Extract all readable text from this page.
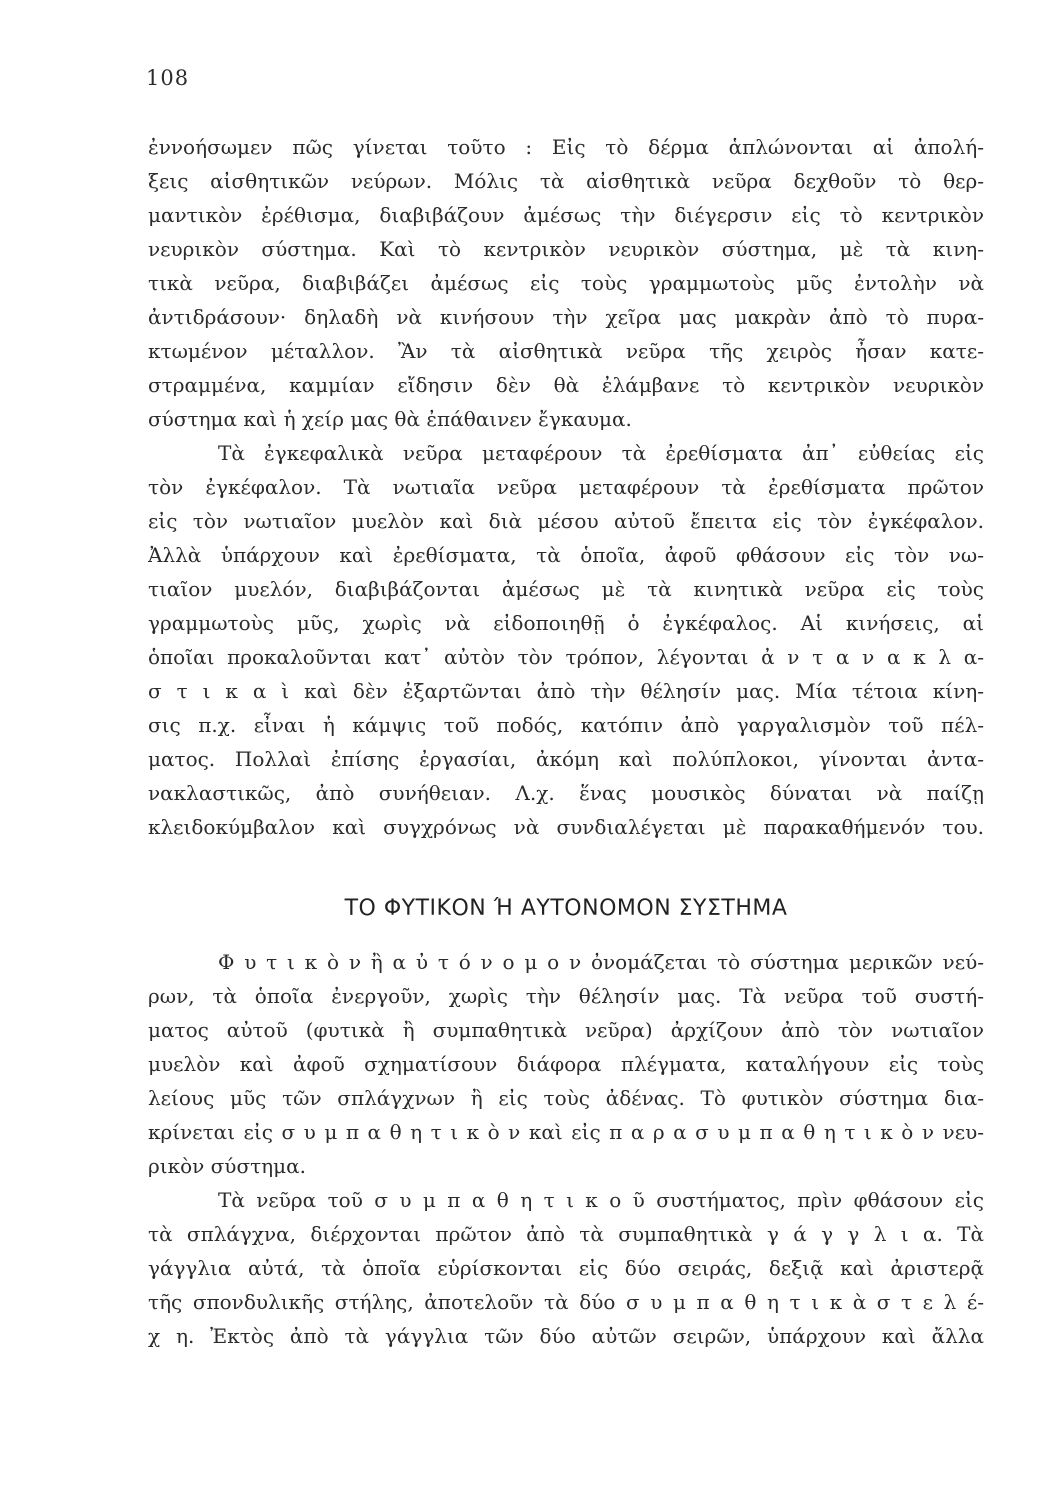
108
ἐννοήσωμεν πῶς γίνεται τοῦτο : Εἰς τὸ δέρμα ἁπλώνονται αἱ ἀπολή-
ξεις αἰσθητικῶν νεύρων. Μόλις τὰ αἰσθητικὰ νεῦρα δεχθοῦν τὸ θερ-
μαντικὸν ἐρέθισμα, διαβιβάζουν ἀμέσως τὴν διέγερσιν εἰς τὸ κεντρικὸν
νευρικὸν σύστημα. Καὶ τὸ κεντρικὸν νευρικὸν σύστημα, μὲ τὰ κινη-
τικὰ νεῦρα, διαβιβάζει ἀμέσως εἰς τοὺς γραμμωτοὺς μῦς ἐντολὴν νὰ
ἀντιδράσουν· δηλαδὴ νὰ κινήσουν τὴν χεῖρα μας μακρὰν ἀπὸ τὸ πυρα-
κτωμένον μέταλλον. Ἂν τὰ αἰσθητικὰ νεῦρα τῆς χειρὸς ἦσαν κατε-
στραμμένα, καμμίαν εἴδησιν δὲν θὰ ἐλάμβανε τὸ κεντρικὸν νευρικὸν
σύστημα καὶ ἡ χείρ μας θὰ ἐπάθαινεν ἔγκαυμα.
Τὰ ἐγκεφαλικὰ νεῦρα μεταφέρουν τὰ ἐρεθίσματα ἀπ᾽ εὐθείας εἰς
τὸν ἐγκέφαλον. Τὰ νωτιαῖα νεῦρα μεταφέρουν τὰ ἐρεθίσματα πρῶτον
εἰς τὸν νωτιαῖον μυελὸν καὶ διὰ μέσου αὐτοῦ ἔπειτα εἰς τὸν ἐγκέφαλον.
Ἀλλὰ ὑπάρχουν καὶ ἐρεθίσματα, τὰ ὁποῖα, ἀφοῦ φθάσουν εἰς τὸν νω-
τιαῖον μυελόν, διαβιβάζονται ἀμέσως μὲ τὰ κινητικὰ νεῦρα εἰς τοὺς
γραμμωτοὺς μῦς, χωρὶς νὰ εἰδοποιηθῇ ὁ ἐγκέφαλος. Αἱ κινήσεις, αἱ
ὁποῖαι προκαλοῦνται κατ᾽ αὐτὸν τὸν τρόπον, λέγονται ἀ ν τ α ν α κ λ α-
σ τ ι κ α ὶ καὶ δὲν ἐξαρτῶνται ἀπὸ τὴν θέλησίν μας. Μία τέτοια κίνη-
σις π.χ. εἶναι ἡ κάμψις τοῦ ποδός, κατόπιν ἀπὸ γαργαλισμὸν τοῦ πέλ-
ματος. Πολλαὶ ἐπίσης ἐργασίαι, ἀκόμη καὶ πολύπλοκοι, γίνονται ἀντα-
νακλαστικῶς, ἀπὸ συνήθειαν. Λ.χ. ἕνας μουσικὸς δύναται νὰ παίζῃ
κλειδοκύμβαλον καὶ συγχρόνως νὰ συνδιαλέγεται μὲ παρακαθήμενόν του.
ΤΟ ΦΥΤΙΚΟΝ Ή ΑΥΤΟΝΟΜΟΝ ΣΥΣΤΗΜΑ
Φ υ τ ι κ ὸ ν ἢ α ὐ τ ό ν ο μ ο ν ὀνομάζεται τὸ σύστημα μερικῶν νεύ-
ρων, τὰ ὁποῖα ἐνεργοῦν, χωρὶς τὴν θέλησίν μας. Τὰ νεῦρα τοῦ συστή-
ματος αὐτοῦ (φυτικὰ ἢ συμπαθητικὰ νεῦρα) ἀρχίζουν ἀπὸ τὸν νωτιαῖον
μυελὸν καὶ ἀφοῦ σχηματίσουν διάφορα πλέγματα, καταλήγουν εἰς τοὺς
λείους μῦς τῶν σπλάγχνων ἢ εἰς τοὺς ἀδένας. Τὸ φυτικὸν σύστημα δια-
κρίνεται εἰς σ υ μ π α θ η τ ι κ ὸ ν καὶ εἰς π α ρ α σ υ μ π α θ η τ ι κ ὸ ν νευ-
ρικὸν σύστημα.
Τὰ νεῦρα τοῦ σ υ μ π α θ η τ ι κ ο ῦ συστήματος, πρὶν φθάσουν εἰς
τὰ σπλάγχνα, διέρχονται πρῶτον ἀπὸ τὰ συμπαθητικὰ γ ά γ γ λ ι α. Τὰ
γάγγλια αὐτά, τὰ ὁποῖα εὑρίσκονται εἰς δύο σειράς, δεξιᾷ καὶ ἀριστερᾷ
τῆς σπονδυλικῆς στήλης, ἀποτελοῦν τὰ δύο σ υ μ π α θ η τ ι κ ὰ σ τ ε λ έ-
χ η. Ἐκτὸς ἀπὸ τὰ γάγγλια τῶν δύο αὐτῶν σειρῶν, ὑπάρχουν καὶ ἄλλα
